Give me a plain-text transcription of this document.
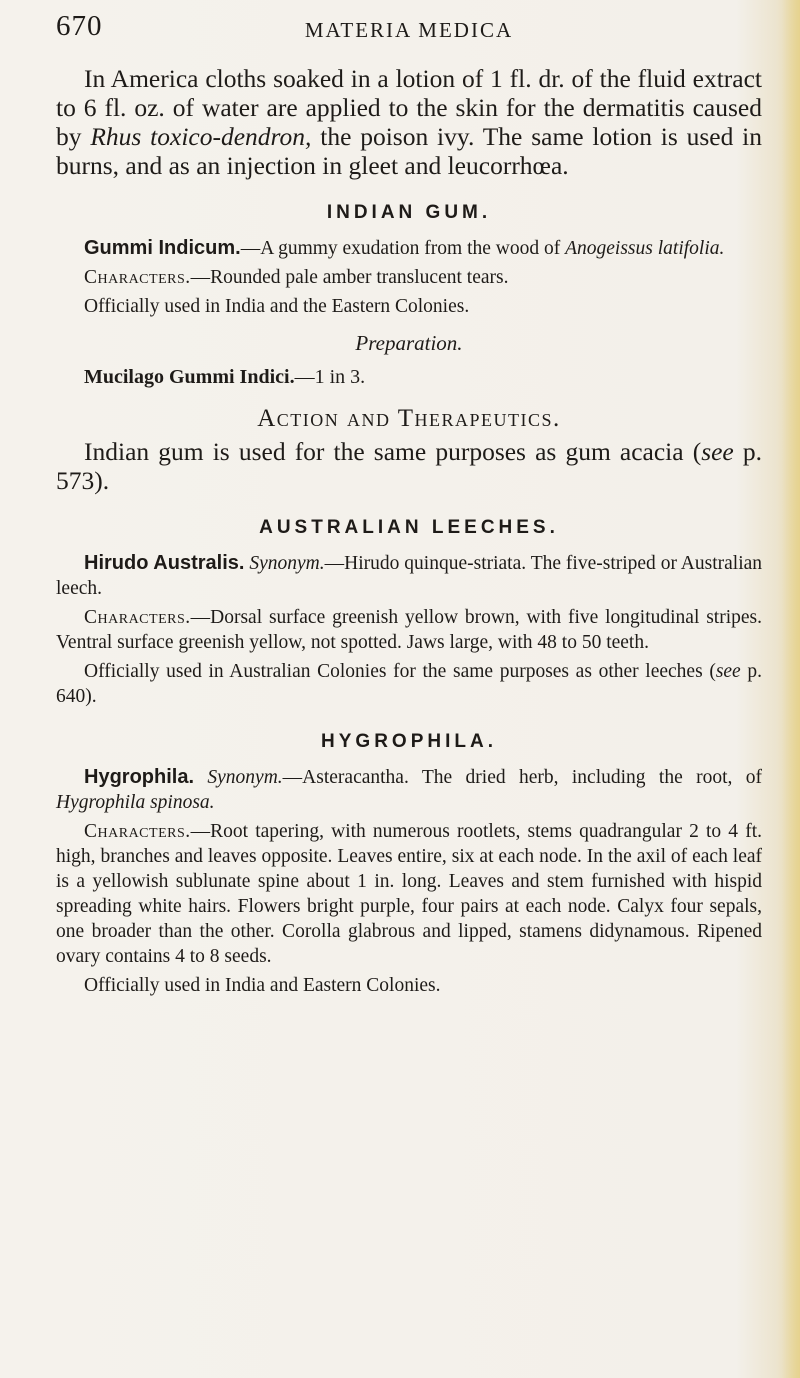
670	MATERIA MEDICA

In America cloths soaked in a lotion of 1 fl. dr. of the fluid extract to 6 fl. oz. of water are applied to the skin for the dermatitis caused by Rhus toxico-dendron, the poison ivy. The same lotion is used in burns, and as an injection in gleet and leucorrhœa.

INDIAN GUM.

Gummi Indicum.—A gummy exudation from the wood of Anogeissus latifolia.

Characters.—Rounded pale amber translucent tears.

Officially used in India and the Eastern Colonies.

Preparation.

Mucilago Gummi Indici.—1 in 3.

Action and Therapeutics.

Indian gum is used for the same purposes as gum acacia (see p. 573).

AUSTRALIAN LEECHES.

Hirudo Australis. Synonym.—Hirudo quinque-striata. The five-striped or Australian leech.

Characters.—Dorsal surface greenish yellow brown, with five longitudinal stripes. Ventral surface greenish yellow, not spotted. Jaws large, with 48 to 50 teeth.

Officially used in Australian Colonies for the same purposes as other leeches (see p. 640).

HYGROPHILA.

Hygrophila. Synonym.—Asteracantha. The dried herb, including the root, of Hygrophila spinosa.

Characters.—Root tapering, with numerous rootlets, stems quadrangular 2 to 4 ft. high, branches and leaves opposite. Leaves entire, six at each node. In the axil of each leaf is a yellowish sublunate spine about 1 in. long. Leaves and stem furnished with hispid spreading white hairs. Flowers bright purple, four pairs at each node. Calyx four sepals, one broader than the other. Corolla glabrous and lipped, stamens didynamous. Ripened ovary contains 4 to 8 seeds.

Officially used in India and Eastern Colonies.
